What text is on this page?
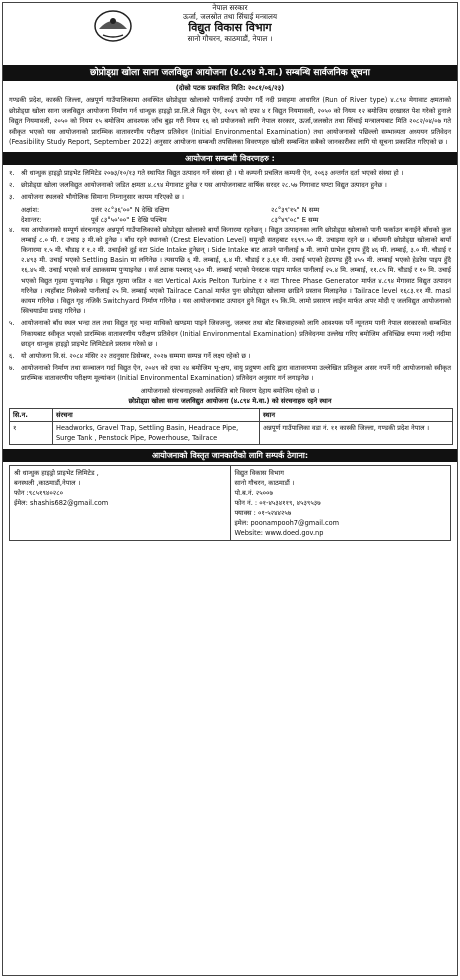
नेपाल सरकार
ऊर्जा, जलस्रोत तथा सिंचाई मन्त्रालय
विद्युत विकास विभाग
सानो गौचरन, काठमाडौं, नेपाल ।
छोप्रोड्ग्रा खोला साना जलविद्युत आयोजना (४.८९४ मे.वा.) सम्बन्धि सार्वजनिक सूचना
(दोस्रो पटक प्रकाशित मिति: २०८१/०६/२३)
गण्डकी प्रदेश, कास्की जिल्ला, अन्नपूर्ण गाउँपालिकामा अवस्थित छोप्रोड्ग्रा खोलाको पानीलाई उपयोग गर्दै नदी प्रवाहमा आधारित (Run of River type) ४.८९४ मेगावाट क्षमताको छोप्रोड्ग्रा खोला साना जलविद्युत आयोजना निर्माण गर्न धान्धुक हाइड्रो प्रा.लि.ले विद्युत ऐन, २०४९ को दफा ४ र विद्युत नियमावली, २०५० को नियम १२ बमोजिम दरखास्त पेश गरेको हुनाले विद्युत नियमावली, २०५० को नियम १५ बमोजिम आवश्यक जाँच बुझ गरी नियम १६ को प्रयोजनको लागि नेपाल सरकार, ऊर्जा,जलस्रोत तथा सिंचाई मन्त्रालयबाट मिति २०८२/०४/०७ गते स्वीकृत भएको यस आयोजनाको प्रारम्भिक वातावरणीय परीक्षण प्रतिवेदन (Initial Environmental Examination) तथा आयोजनाको पछिल्लो सम्भाव्यता अध्ययन प्रतिवेदन (Feasibility Study Report, September 2022) अनुसार आयोजना सम्बन्धी तपसिलका विवरणहरु खोली सम्बन्धित सबैको जानकारीका लागि यो सूचना प्रकाशित गरिएको छ ।
आयोजना सम्बन्धी विवरणहरु :
१. श्री धान्धुक हाइड्रो प्राइभेट लिमिटेड २०७३/१०/१३ गते स्थापित विद्युत उत्पादन गर्ने संस्था हो । यो कम्पनी प्रचलित कम्पनी ऐन, २०६३ अन्तर्गत दर्ता भएको संस्था हो ।
२. छोप्रोड्ग्रा खोला जलविद्युत आयोजनाको जडित क्षमता ४.८९४ मेगावाट हुनेछ र यस आयोजनाबाट वार्षिक सरदर २८.५७ गिगावाट घण्टा विद्युत उत्पादन हुनेछ ।
३. आयोजना स्थलको भौगोलिक सिमाना निम्नानुसार कायम गरिएको छ ।
अक्षांश:	उत्तर २८°३६'००" N देखि दक्षिण	२८°३९'१५" N सम्म
देशान्तर:	पूर्व ८३°५०'००" E देखि पश्चिम	८३°४९'०८" E सम्म
४. यस आयोजनाको सम्पूर्ण संरचनाहरु अन्नपूर्ण गाउँपालिकाको छोप्रोड्ग्रा खोलाको बायाँ किनारमा रहनेछन् । विद्युत उत्पादनका लागि छोप्रोड्ग्रा खोलाको पानी फर्काउन बनाईने बाँधको कुल लम्बाई ८.० मी. र उचाइ ३ मी.को हुनेछ । बाँध रहने स्थानको (Crest Elevation Level) समुन्द्री सतहबाट १६९९.५० मी. उचाइमा रहने छ । बाँधमनी छोप्रोड्ग्रा खोलाको बायाँ किनारमा १.५ मी. चौडाइ र १.२ मी. उचाईको दुई वटा Side Intake हुनेछन् । Side Intake बाट आउने पानीलाई ७ मी. लामो ग्राभेल ट्र्याप हुँदै ४६ मी. लम्बाई, ३.० मी. चौडाई र २.४९३ मी. उचाई भएको Settling Basin मा लगिनेछ । त्यसपछि ६ मी. लम्बाई, ६.४ मी. चौडाई र ३.६१ मी. उचाई भएको हेडपण्ड हुँदै ४५५ मी. लम्बाई भएको हेडरेस पाइप हुँदै १६.४५ मी. उचाई भएको सर्ज ट्याकसम्म पुऱ्याइनेछ । सर्ज ट्याक पश्चात् ५३० मी. लम्बाई भएको पेनस्टक पाइप मार्फत पानीलाई २५.४ मि. लम्बाई, ११.८५ मि. चौडाई र १० मि. उचाई भएको विद्युत गृहमा पुऱ्याइनेछ । विद्युत गृहमा जडित २ वटा Vertical Axis Pelton Turbine र २ वटा Three Phase Generator मार्फत ४.८९४ मेगावाट विद्युत उत्पादन गरिनेछ । त्यहाँबाट निस्केको पानीलाई २५ मि. लम्बाई भएको Tailrace Canal मार्फत पुनः छोप्रोड्ग्रा खोलामा छाडिने प्रस्ताव मिलाइनेछ । Tailrace level १६८३.११ मी. masl कायम गरिनेछ । विद्युत गृह नजिकै Switchyard निर्माण गरिनेछ । यस आयोजनाबाट उत्पादन हुने विद्युत १५ कि.मि. लामो प्रसारण लाईन मार्फत अपर मोदी ए जलविद्युत आयोजनाको स्विचयार्डमा प्रवाह गरिनेछ ।
५. आयोजनाको बाँध स्थल भन्दा तल तथा विद्युत गृह भन्दा माथिको खण्डमा पाइने जिवजन्तु, जलचर तथा बोट बिरुवाहरुको लागि आवश्यक पर्ने न्यूनतम पानी नेपाल सरकारको सम्बन्धित निकायबाट स्वीकृत भएको प्रारम्भिक वातावरणीय परीक्षण प्रतिवेदन (Initial Environmental Examination) प्रतिवेदनमा उल्लेख गरिए बमोजिम अविच्छिन्न रुपमा नल्दी नदीमा छाड्न धान्धुक हाइड्रो प्राइभेट लिमिटेडले प्रस्ताव गरेको छ ।
६. यो आयोजना वि.सं. २०८४ मंसिर २२ तदनुसार डिसेम्बर, २०२७ सम्ममा सम्पन्न गर्ने लक्ष्य रहेको छ ।
७. आयोजनाको निर्माण तथा सञ्चालन गर्दा विद्युत ऐन, २०४९ को दफा २४ बमोजिम भू-क्षय, वायु प्रदुषण आदि द्वारा वातावरणमा उल्लेखित प्रतिकूल असर नपर्ने गरी आयोजनाको स्वीकृत प्रारम्भिक वातावरणीय परीक्षण मूल्यांकन (Initial Environmental Examination) प्रतिवेदन अनुसार गर्न लगाइनेछ ।
आयोजनाको संरचनाहरुको अवस्थिति बारे विवरण देहाय बमोजिम रहेको छ ।
छोप्रोड्ग्रा खोला साना जलविद्युत आयोजना (४.८९४ मे.वा.) को संरचनाहरु रहने स्थान
सि.न.	संरचना	स्थान
१	Headworks, Gravel Trap, Settling Basin, Headrace Pipe, Surge Tank , Penstock Pipe, Powerhouse, Tailrace	अन्नपूर्ण गाउँपालिका वडा नं. ११ कास्की जिल्ला, गण्डकी प्रदेश नेपाल ।
आयोजनाको विस्तृत जानकारीको लागि सम्पर्क ठेगाना:
श्री धान्धुक हाइड्रो प्राइभेट लिमिटेड ,
बनस्थली ,काठमाडौं,नेपाल ।
फोन :९८५१९४०२८०
ईमेल: shashis682@gmail.com
विद्युत विकास विभाग
सानो गौचरन, काठमाडौं ।
पो.ब.नं. २५००७
फोन नं. : ०१-४५३४११९, ४५३९५३७
फ्याक्स : ०१-५२४४२५७
इमेल: poonampooh7@gmail.com
Website: www.doed.gov.np
